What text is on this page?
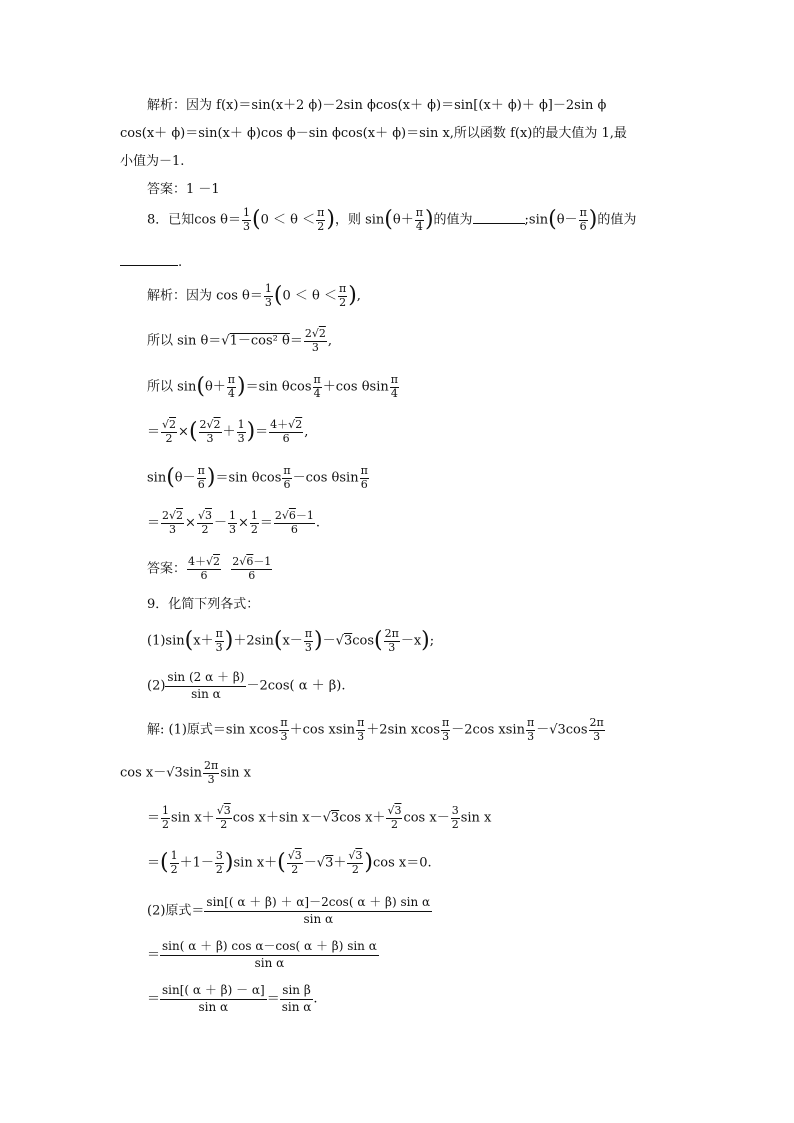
解析：因为 f(x)＝sin(x＋2 ϕ)－2sin ϕcos(x＋ ϕ)＝sin[(x＋ ϕ)＋ ϕ]－2sin ϕ
cos(x＋ ϕ)＝sin(x＋ ϕ)cos ϕ－sin ϕcos(x＋ ϕ)＝sin x,所以函数 f(x)的最大值为 1,最
小值为－1.
答案：1 －1
8．已知$\cos \theta= \frac{1}{3} (0 < \theta < \frac{\pi}{2}$ )，则 $\sin(\theta+ \frac{\pi}{4}$ )的值为	;sin(θ－ $\frac{\pi}{6}$ )的值为
.
解析：因为 $\cos \theta= \frac{1}{3} (0 < \theta < \frac{\pi}{2}$ ),
所以 sin θ＝√1－cos² $\theta= \frac{2√2}{3}$ ,
所以 $\sin(\theta+ \frac{\pi}{4} )=\sin$ θcos $\frac{\pi}{4} +\cos$ θsin $\frac{\pi}{4}$
＝ $\frac{√2}{2}$ ×( $\frac{2√2}{3} + \frac{1}{3}$ )＝ $\frac{4+√2}{6}$ ,
$\sin(\theta- \frac{\pi}{6} )=\sin$ θcos $\frac{\pi}{6} -\cos$ θsin $\frac{\pi}{6}$
＝ $\frac{2√2}{3} \times \frac{√3}{2} - \frac{1}{3} \times \frac{1}{2} = \frac{2√6-1}{6}$ .
答案： $\frac{4+√2}{6}$
$\frac{2√6-1}{6}$
9．化简下列各式：
$(1)\sin(x+ \frac{\pi}{3} )+2\sin(x- \frac{\pi}{3} )-√3\cos( \frac{2\pi}{3} -x)$;
$(2) \frac{\sin (2 \alpha + \beta)}{\text{sin α}} -2\cos$( α ＋ β).
解: (1)原式＝sin xcos $\frac{\pi}{3} +\cos$ xsin $\frac{\pi}{3} +2\sin$ xcos $\frac{\pi}{3} -2\cos$ xsin $\frac{\pi}{3} -√3\cos \frac{2\pi}{3}$
$\cos x-√3\sin \frac{2\pi}{3}$ sin x
＝ $\frac{1}{2}$ $\sin x+ \frac{√3}{2}$ cos x＋sin x－√3cos $x+ \frac{√3}{2}$ $\cos x- \frac{3}{2}$ sin x
＝( $\frac{1}{2} +1- \frac{3}{2} )\sin$ $x+( \frac{√3}{2} -√3+ \frac{√3}{2} )\cos$ x＝0.
(2)原式＝ $\frac{\text{sin[( α ＋ β) ＋ α]－2cos( α ＋ β) sin α}}{\text{sin α}}$
＝ $\frac{\text{sin( α ＋ β) cos α－cos( α ＋ β) sin α}}{\text{sin α}}$
＝ $\frac{\sin[( \alpha + \beta) - \alpha]}{\text{sin α}} = \frac{\text{sin β}}{\text{sin α}}$ .
